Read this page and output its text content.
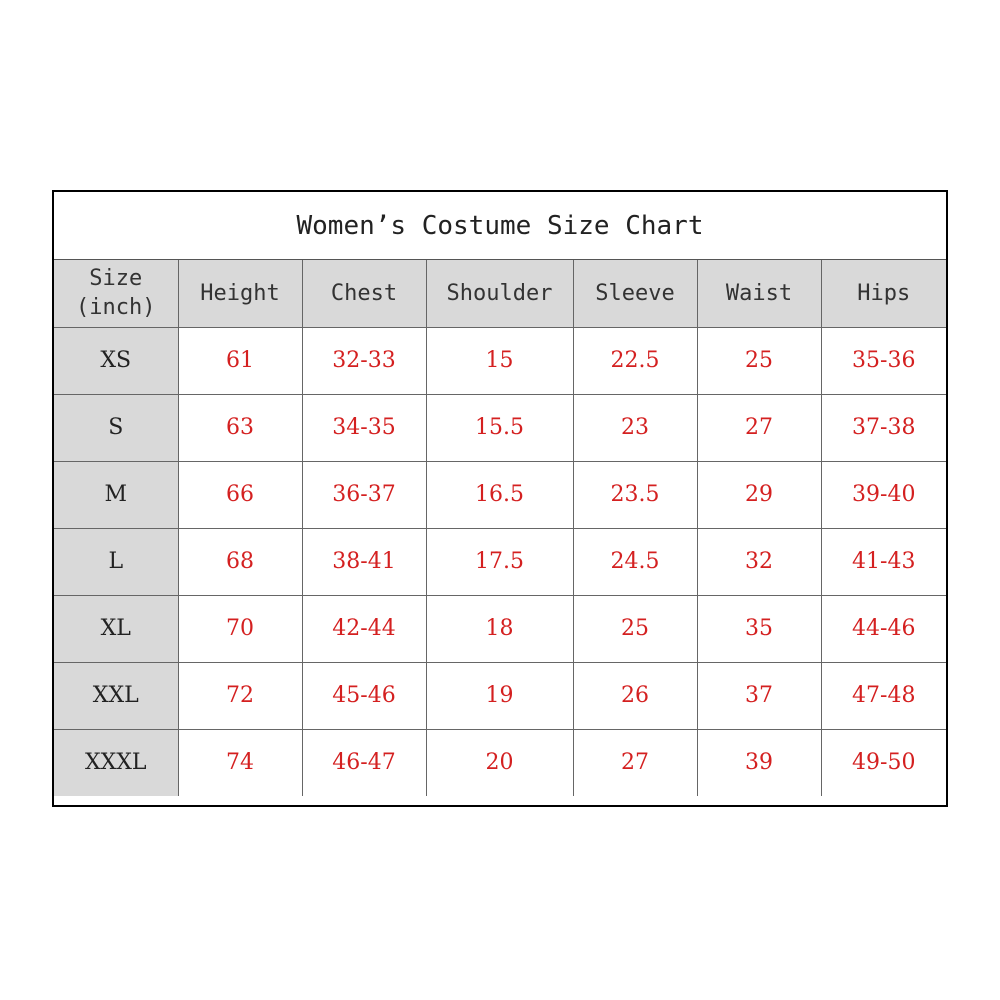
Women’s Costume Size Chart
Size
(inch)	Height	Chest	Shoulder	Sleeve	Waist	Hips
XS	61	32-33	15	22.5	25	35-36
S	63	34-35	15.5	23	27	37-38
M	66	36-37	16.5	23.5	29	39-40
L	68	38-41	17.5	24.5	32	41-43
XL	70	42-44	18	25	35	44-46
XXL	72	45-46	19	26	37	47-48
XXXL	74	46-47	20	27	39	49-50
